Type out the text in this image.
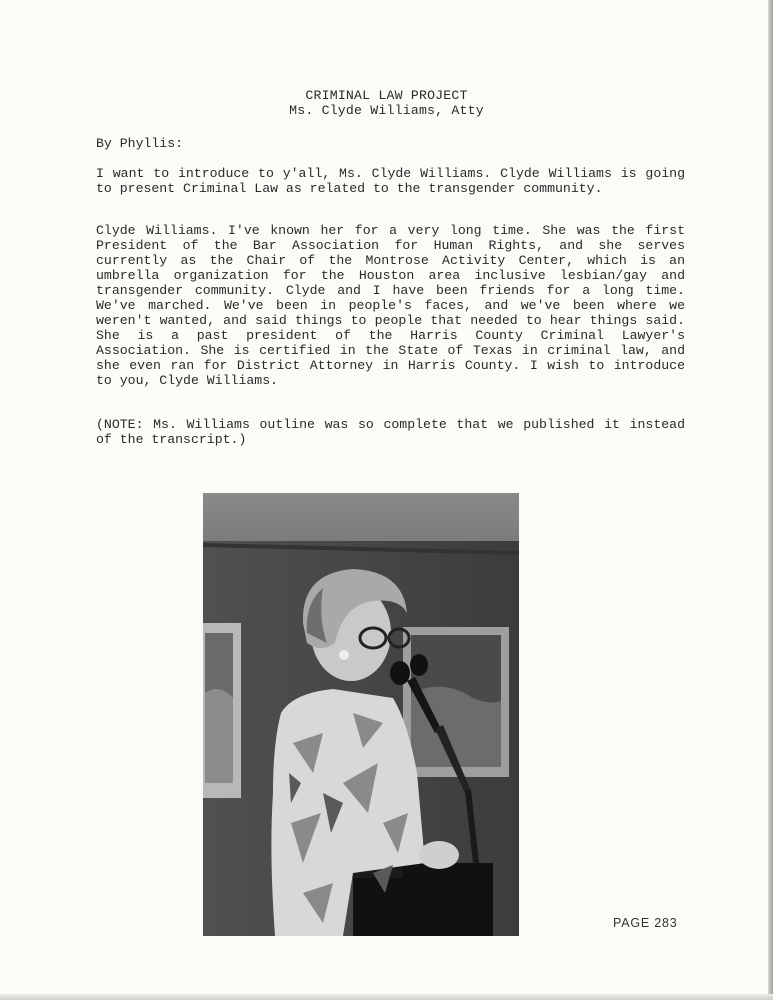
CRIMINAL LAW PROJECT
Ms. Clyde Williams, Atty
By Phyllis:
I want to introduce to y'all, Ms. Clyde Williams. Clyde Williams is going to present Criminal Law as related to the transgender community.
Clyde Williams. I've known her for a very long time. She was the first President of the Bar Association for Human Rights, and she serves currently as the Chair of the Montrose Activity Center, which is an umbrella organization for the Houston area inclusive lesbian/gay and transgender community. Clyde and I have been friends for a long time. We've marched. We've been in people's faces, and we've been where we weren't wanted, and said things to people that needed to hear things said. She is a past president of the Harris County Criminal Lawyer's Association. She is certified in the State of Texas in criminal law, and she even ran for District Attorney in Harris County. I wish to introduce to you, Clyde Williams.
(NOTE: Ms. Williams outline was so complete that we published it instead of the transcript.)
PAGE 283
